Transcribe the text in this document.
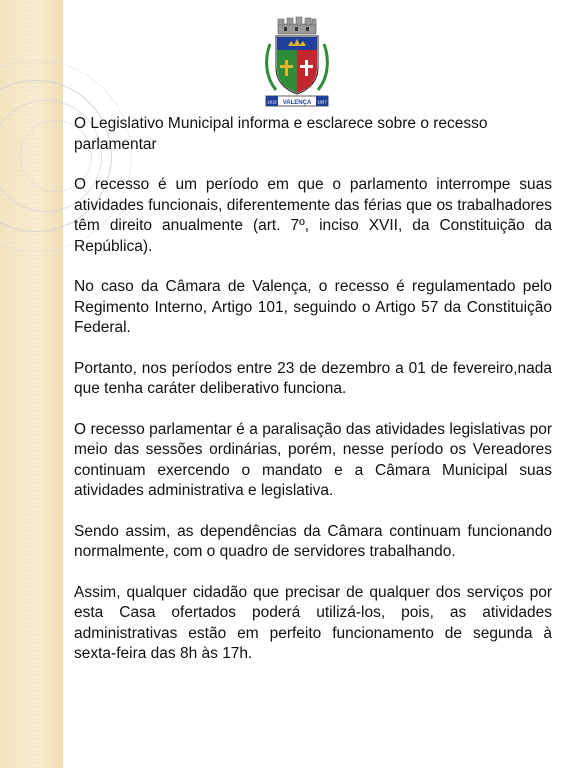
1819	1857
VALENÇA

O Legislativo Municipal informa e esclarece sobre o recesso parlamentar

O recesso é um período em que o parlamento interrompe suas atividades funcionais, diferentemente das férias que os trabalhadores têm direito anualmente (art. 7º, inciso XVII, da Constituição da República).

No caso da Câmara de Valença, o recesso é regulamentado pelo Regimento Interno, Artigo 101, seguindo o Artigo 57 da Constituição Federal.

Portanto, nos períodos entre 23 de dezembro a 01 de fevereiro,nada que tenha caráter deliberativo funciona.

O recesso parlamentar é a paralisação das atividades legislativas por meio das sessões ordinárias, porém, nesse período os Vereadores continuam exercendo o mandato e a Câmara Municipal suas atividades administrativa e legislativa.

Sendo assim, as dependências da Câmara continuam funcionando normalmente, com o quadro de servidores trabalhando.

Assim, qualquer cidadão que precisar de qualquer dos serviços por esta Casa ofertados poderá utilizá-los, pois, as atividades administrativas estão em perfeito funcionamento de segunda à sexta-feira das 8h às 17h.
